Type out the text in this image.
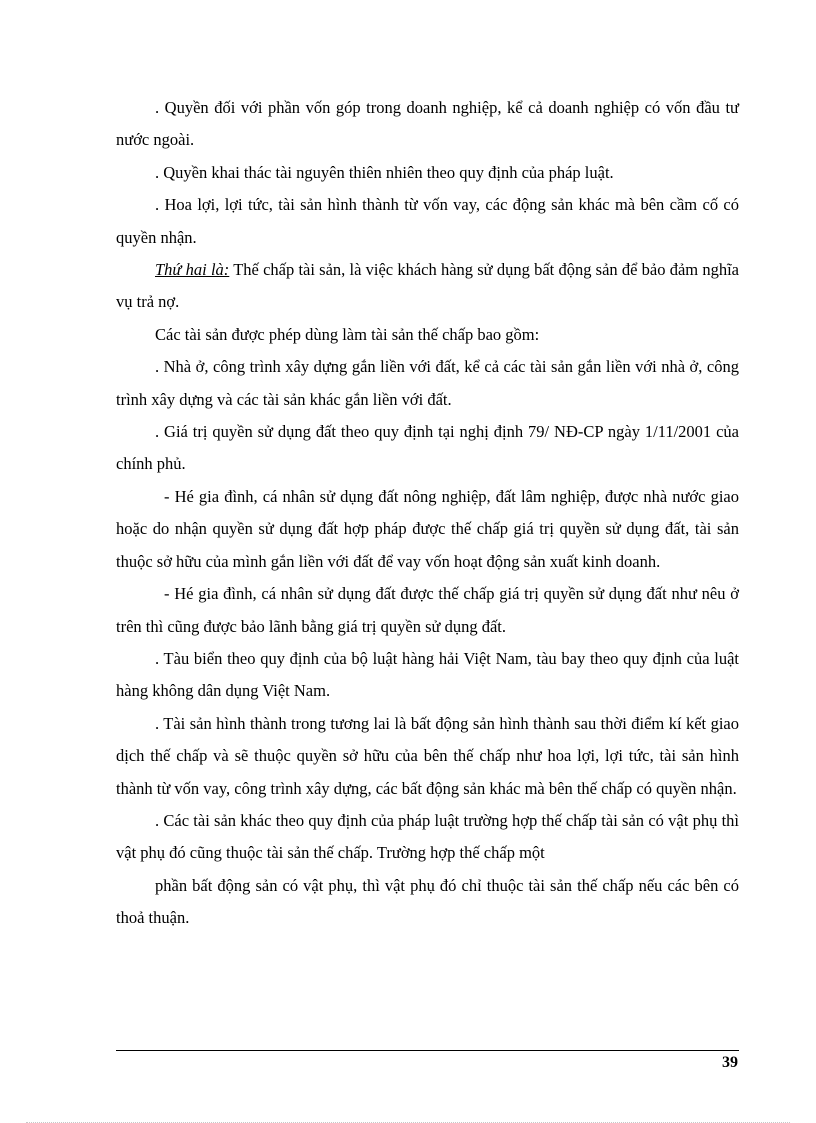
. Quyền đối với phần vốn góp trong doanh nghiệp, kể cả doanh nghiệp có vốn đầu tư nước ngoài.

. Quyền khai thác tài nguyên thiên nhiên theo quy định của pháp luật.

. Hoa lợi, lợi tức, tài sản hình thành từ vốn vay, các động sản khác mà bên cầm cố có quyền nhận.

Thứ hai là: Thế chấp tài sản, là việc khách hàng sử dụng bất động sản để bảo đảm nghĩa vụ trả nợ.

Các tài sản được phép dùng làm tài sản thế chấp bao gồm:

. Nhà ở, công trình xây dựng gắn liền với đất, kể cả các tài sản gắn liền với nhà ở, công trình xây dựng và các tài sản khác gắn liền với đất.

. Giá trị quyền sử dụng đất theo quy định tại nghị định 79/ NĐ-CP ngày 1/11/2001 của chính phủ.

- Hé gia đình, cá nhân sử dụng đất nông nghiệp, đất lâm nghiệp, được nhà nước giao hoặc do nhận quyền sử dụng đất hợp pháp được thế chấp giá trị quyền sử dụng đất, tài sản thuộc sở hữu của mình gắn liền với đất để vay vốn hoạt động sản xuất kinh doanh.

- Hé gia đình, cá nhân sử dụng đất được thế chấp giá trị quyền sử dụng đất như nêu ở trên thì cũng được bảo lãnh bằng giá trị quyền sử dụng đất.

. Tàu biển theo quy định của bộ luật hàng hải Việt Nam, tàu bay theo quy định của luật hàng không dân dụng Việt Nam.

. Tài sản hình thành trong tương lai là bất động sản hình thành sau thời điểm kí kết giao dịch thế chấp và sẽ thuộc quyền sở hữu của bên thế chấp như hoa lợi, lợi tức, tài sản hình thành từ vốn vay, công trình xây dựng, các bất động sản khác mà bên thế chấp có quyền nhận.

. Các tài sản khác theo quy định của pháp luật trường hợp thế chấp tài sản có vật phụ thì vật phụ đó cũng thuộc tài sản thế chấp. Trường hợp thế chấp một

phần bất động sản có vật phụ, thì vật phụ đó chỉ thuộc tài sản thế chấp nếu các bên có thoả thuận.

39
